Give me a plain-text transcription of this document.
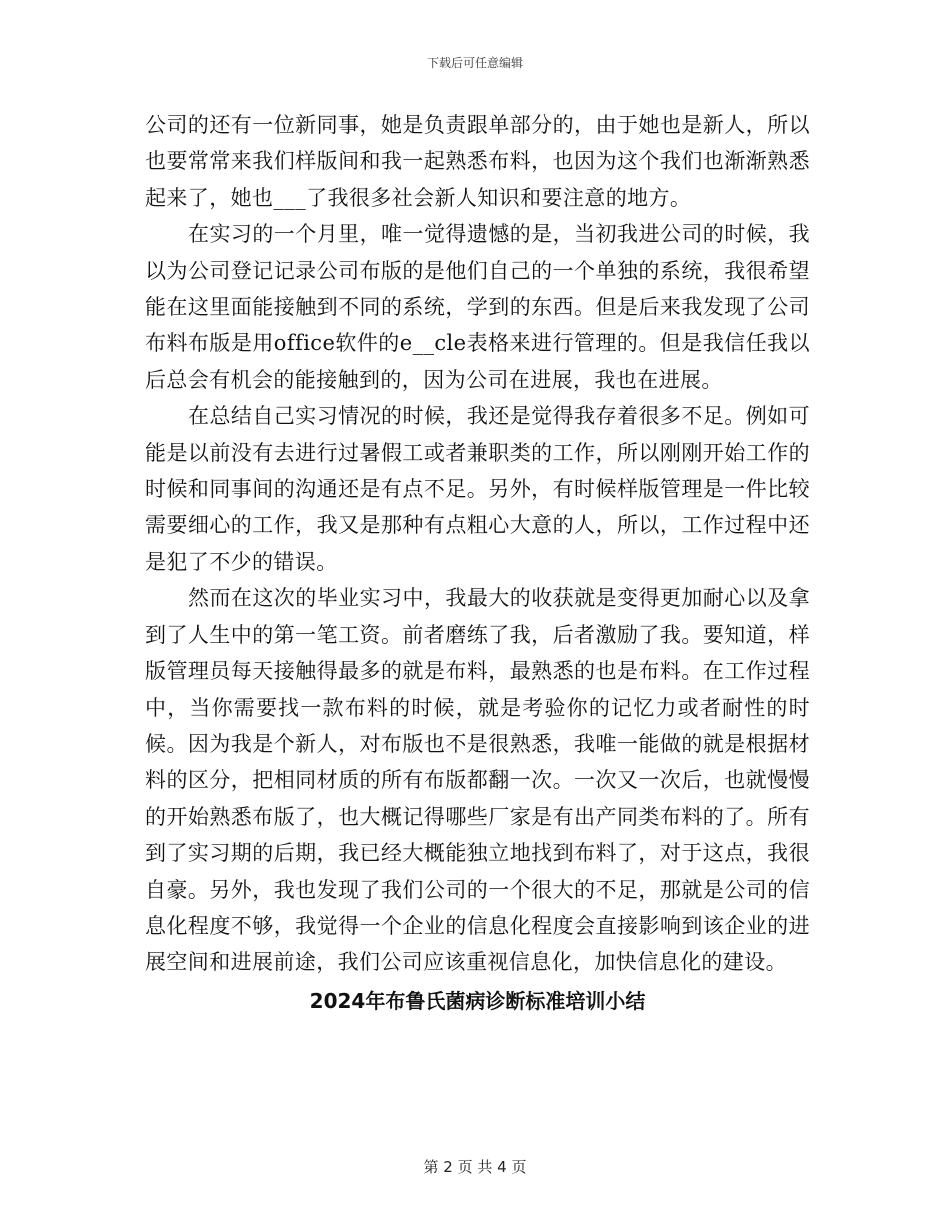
下载后可任意编辑

公司的还有一位新同事，她是负责跟单部分的，由于她也是新人，所以也要常常来我们样版间和我一起熟悉布料，也因为这个我们也渐渐熟悉起来了，她也___了我很多社会新人知识和要注意的地方。

在实习的一个月里，唯一觉得遗憾的是，当初我进公司的时候，我以为公司登记记录公司布版的是他们自己的一个单独的系统，我很希望能在这里面能接触到不同的系统，学到的东西。但是后来我发现了公司布料布版是用office软件的e__cle表格来进行管理的。但是我信任我以后总会有机会的能接触到的，因为公司在进展，我也在进展。

在总结自己实习情况的时候，我还是觉得我存着很多不足。例如可能是以前没有去进行过暑假工或者兼职类的工作，所以刚刚开始工作的时候和同事间的沟通还是有点不足。另外，有时候样版管理是一件比较需要细心的工作，我又是那种有点粗心大意的人，所以，工作过程中还是犯了不少的错误。

然而在这次的毕业实习中，我最大的收获就是变得更加耐心以及拿到了人生中的第一笔工资。前者磨练了我，后者激励了我。要知道，样版管理员每天接触得最多的就是布料，最熟悉的也是布料。在工作过程中，当你需要找一款布料的时候，就是考验你的记忆力或者耐性的时候。因为我是个新人，对布版也不是很熟悉，我唯一能做的就是根据材料的区分，把相同材质的所有布版都翻一次。一次又一次后，也就慢慢的开始熟悉布版了，也大概记得哪些厂家是有出产同类布料的了。所有到了实习期的后期，我已经大概能独立地找到布料了，对于这点，我很自豪。另外，我也发现了我们公司的一个很大的不足，那就是公司的信息化程度不够，我觉得一个企业的信息化程度会直接影响到该企业的进展空间和进展前途，我们公司应该重视信息化，加快信息化的建设。

2024年布鲁氏菌病诊断标准培训小结
第 2 页 共 4 页
